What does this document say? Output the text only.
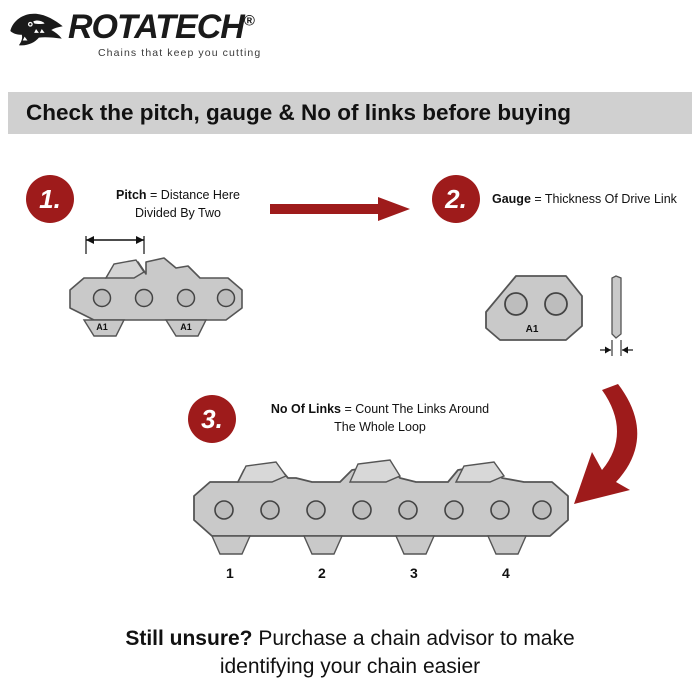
ROTATECH®
Chains that keep you cutting
Check the pitch, gauge & No of links before buying
1.	Pitch = Distance Here
Divided By Two
A1	A1
2.	Gauge = Thickness Of Drive Link
A1
3.	No Of Links = Count The Links Around
The Whole Loop
1	2	3	4
Still unsure? Purchase a chain advisor to make
identifying your chain easier
